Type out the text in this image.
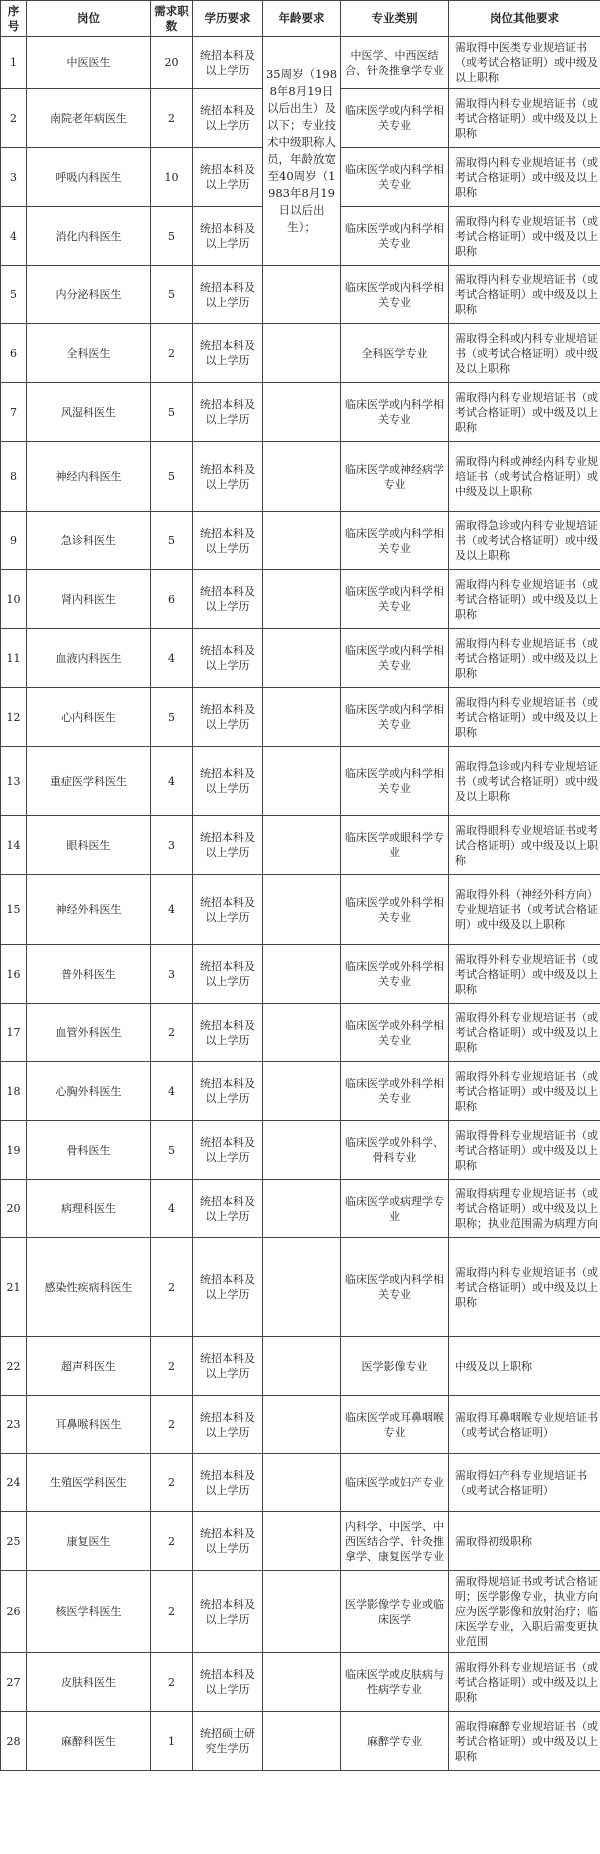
序号	岗位	需求职数	学历要求	年龄要求	专业类别	岗位其他要求
1	中医医生	20	统招本科及以上学历	35周岁（1988年8月19日以后出生）及以下；专业技术中级职称人员，年龄放宽至40周岁（1983年8月19日以后出生）；	中医学、中西医结合、针灸推拿学专业	需取得中医类专业规培证书（或考试合格证明）或中级及以上职称
2	南院老年病医生	2	统招本科及以上学历		临床医学或内科学相关专业	需取得内科专业规培证书（或考试合格证明）或中级及以上职称
3	呼吸内科医生	10	统招本科及以上学历		临床医学或内科学相关专业	需取得内科专业规培证书（或考试合格证明）或中级及以上职称
4	消化内科医生	5	统招本科及以上学历		临床医学或内科学相关专业	需取得内科专业规培证书（或考试合格证明）或中级及以上职称
5	内分泌科医生	5	统招本科及以上学历		临床医学或内科学相关专业	需取得内科专业规培证书（或考试合格证明）或中级及以上职称
6	全科医生	2	统招本科及以上学历		全科医学专业	需取得全科或内科专业规培证书（或考试合格证明）或中级及以上职称
7	风湿科医生	5	统招本科及以上学历		临床医学或内科学相关专业	需取得内科专业规培证书（或考试合格证明）或中级及以上职称
8	神经内科医生	5	统招本科及以上学历		临床医学或神经病学专业	需取得内科或神经内科专业规培证书（或考试合格证明）或中级及以上职称
9	急诊科医生	5	统招本科及以上学历		临床医学或内科学相关专业	需取得急诊或内科专业规培证书（或考试合格证明）或中级及以上职称
10	肾内科医生	6	统招本科及以上学历		临床医学或内科学相关专业	需取得内科专业规培证书（或考试合格证明）或中级及以上职称
11	血液内科医生	4	统招本科及以上学历		临床医学或内科学相关专业	需取得内科专业规培证书（或考试合格证明）或中级及以上职称
12	心内科医生	5	统招本科及以上学历		临床医学或内科学相关专业	需取得内科专业规培证书（或考试合格证明）或中级及以上职称
13	重症医学科医生	4	统招本科及以上学历		临床医学或内科学相关专业	需取得急诊或内科专业规培证书（或考试合格证明）或中级及以上职称
14	眼科医生	3	统招本科及以上学历		临床医学或眼科学专业	需取得眼科专业规培证书或考试合格证明）或中级及以上职称
15	神经外科医生	4	统招本科及以上学历		临床医学或外科学相关专业	需取得外科（神经外科方向）专业规培证书（或考试合格证明）或中级及以上职称
16	普外科医生	3	统招本科及以上学历		临床医学或外科学相关专业	需取得外科专业规培证书（或考试合格证明）或中级及以上职称
17	血管外科医生	2	统招本科及以上学历		临床医学或外科学相关专业	需取得外科专业规培证书（或考试合格证明）或中级及以上职称
18	心胸外科医生	4	统招本科及以上学历		临床医学或外科学相关专业	需取得外科专业规培证书（或考试合格证明）或中级及以上职称
19	骨科医生	5	统招本科及以上学历		临床医学或外科学、骨科专业	需取得骨科专业规培证书（或考试合格证明）或中级及以上职称
20	病理科医生	4	统招本科及以上学历		临床医学或病理学专业	需取得病理专业规培证书（或考试合格证明）或中级及以上职称；执业范围需为病理方向
21	感染性疾病科医生	2	统招本科及以上学历		临床医学或内科学相关专业	需取得内科专业规培证书（或考试合格证明）或中级及以上职称
22	超声科医生	2	统招本科及以上学历		医学影像专业	中级及以上职称
23	耳鼻喉科医生	2	统招本科及以上学历		临床医学或耳鼻咽喉专业	需取得耳鼻咽喉专业规培证书（或考试合格证明）
24	生殖医学科医生	2	统招本科及以上学历		临床医学或妇产专业	需取得妇产科专业规培证书（或考试合格证明）
25	康复医生	2	统招本科及以上学历		内科学、中医学、中西医结合学、针灸推拿学、康复医学专业	需取得初级职称
26	核医学科医生	2	统招本科及以上学历		医学影像学专业或临床医学	需取得规培证书或考试合格证明；医学影像专业，执业方向应为医学影像和放射治疗；临床医学专业，入职后需变更执业范围
27	皮肤科医生	2	统招本科及以上学历		临床医学或皮肤病与性病学专业	需取得外科专业规培证书（或考试合格证明）或中级及以上职称
28	麻醉科医生	1	统招硕士研究生学历		麻醉学专业	需取得麻醉专业规培证书（或考试合格证明）或中级及以上职称
